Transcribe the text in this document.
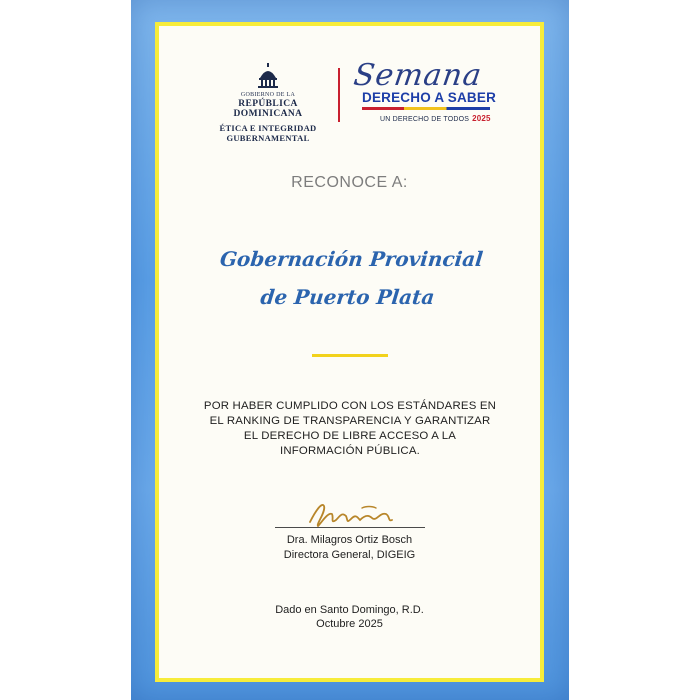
GOBIERNO DE LA
REPÚBLICA DOMINICANA
ÉTICA E INTEGRIDAD
GUBERNAMENTAL
Semana
DERECHO A SABER
UN DERECHO DE TODOS 2025
RECONOCE A:
Gobernación Provincial
de Puerto Plata
POR HABER CUMPLIDO CON LOS ESTÁNDARES EN
EL RANKING DE TRANSPARENCIA Y GARANTIZAR
EL DERECHO DE LIBRE ACCESO A LA
INFORMACIÓN PÚBLICA.
Dra. Milagros Ortiz Bosch
Directora General, DIGEIG
Dado en Santo Domingo, R.D.
Octubre 2025
